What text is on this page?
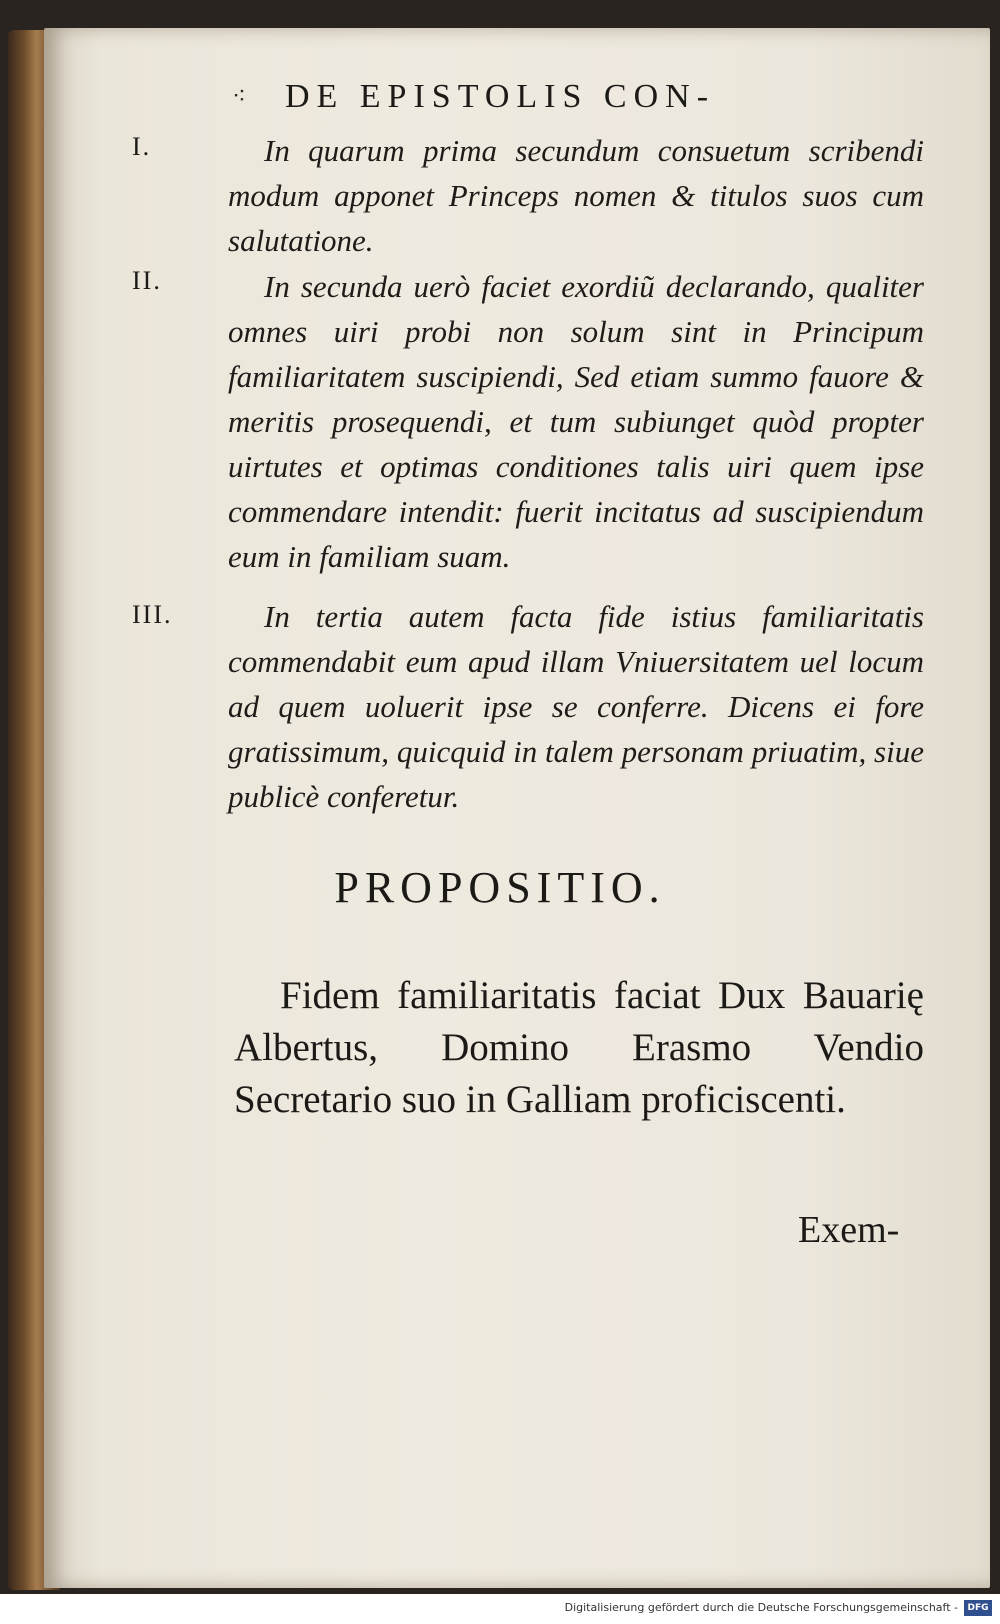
⁖	DE EPISTOLIS CON-
I.	In quarum prima secundum consuetum scribendi modum apponet Princeps nomen & titulos suos cum salutatione.
II.	In secunda uerò faciet exordiũ declarando, qualiter omnes uiri probi non solum sint in Principum familiaritatem suscipiendi, Sed etiam summo fauore & meritis prosequendi, et tum subiunget quòd propter uirtutes et optimas conditiones talis uiri quem ipse commendare intendit: fuerit incitatus ad suscipiendum eum in familiam suam.
III.	In tertia autem facta fide istius familiaritatis commendabit eum apud illam Vniuersitatem uel locum ad quem uoluerit ipse se conferre. Dicens ei fore gratissimum, quicquid in talem personam priuatim, siue publicè conferetur.
PROPOSITIO.
Fidem familiaritatis faciat Dux Bauarię Albertus, Domino Erasmo Vendio Secretario suo in Galliam proficiscenti.
Exem-
Digitalisierung gefördert durch die Deutsche Forschungsgemeinschaft -	DFG
